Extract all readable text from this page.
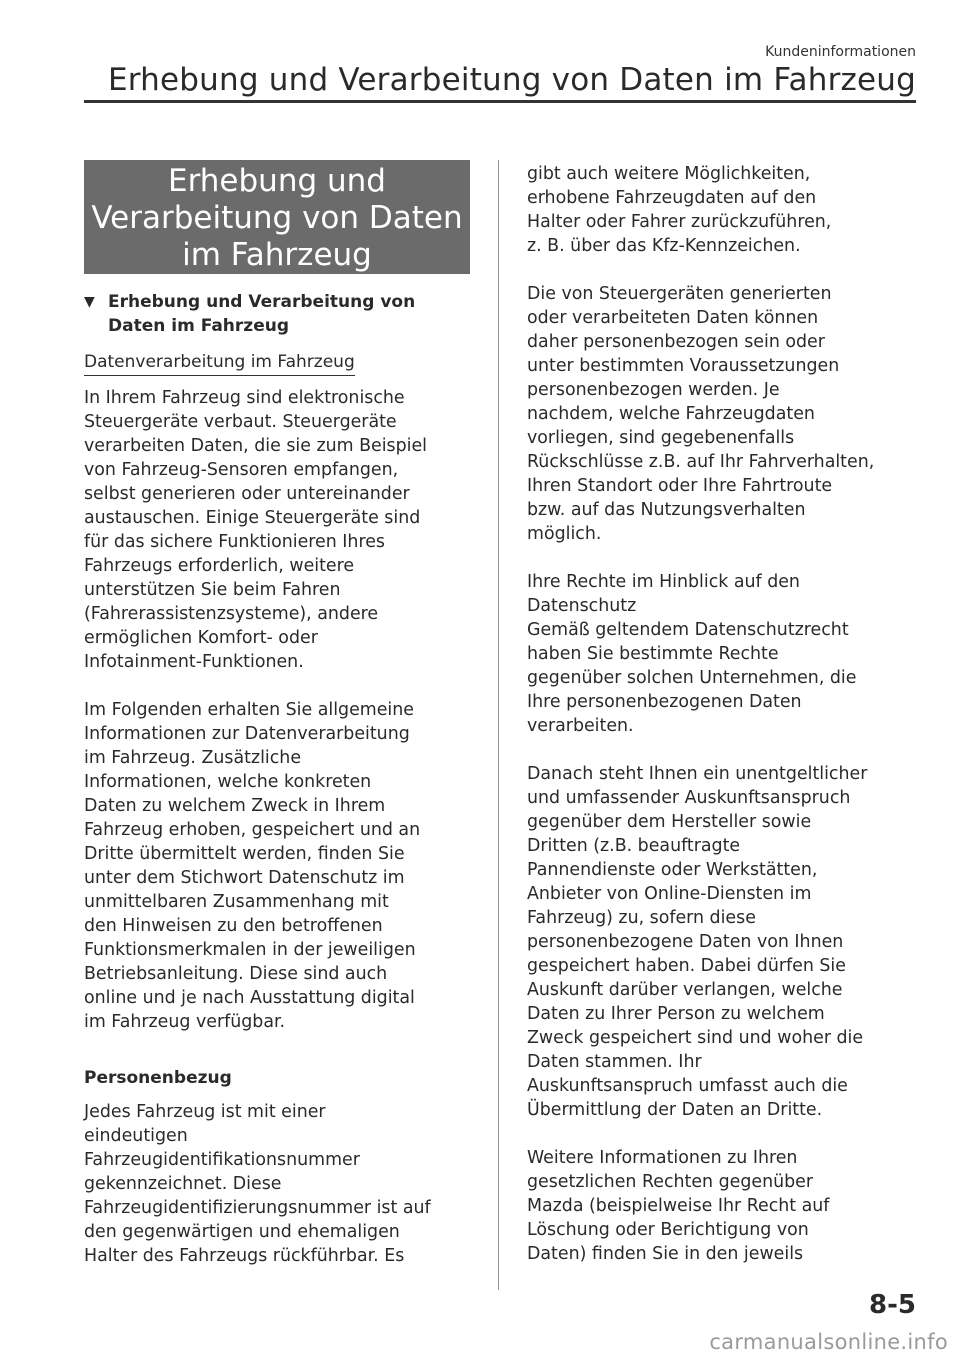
Kundeninformationen
Erhebung und Verarbeitung von Daten im Fahrzeug
Erhebung und
Verarbeitung von Daten
im Fahrzeug
▼ Erhebung und Verarbeitung von
Daten im Fahrzeug
Datenverarbeitung im Fahrzeug
In Ihrem Fahrzeug sind elektronische
Steuergeräte verbaut. Steuergeräte
verarbeiten Daten, die sie zum Beispiel
von Fahrzeug-Sensoren empfangen,
selbst generieren oder untereinander
austauschen. Einige Steuergeräte sind
für das sichere Funktionieren Ihres
Fahrzeugs erforderlich, weitere
unterstützen Sie beim Fahren
(Fahrerassistenzsysteme), andere
ermöglichen Komfort- oder
Infotainment-Funktionen.
Im Folgenden erhalten Sie allgemeine
Informationen zur Datenverarbeitung
im Fahrzeug. Zusätzliche
Informationen, welche konkreten
Daten zu welchem Zweck in Ihrem
Fahrzeug erhoben, gespeichert und an
Dritte übermittelt werden, finden Sie
unter dem Stichwort Datenschutz im
unmittelbaren Zusammenhang mit
den Hinweisen zu den betroffenen
Funktionsmerkmalen in der jeweiligen
Betriebsanleitung. Diese sind auch
online und je nach Ausstattung digital
im Fahrzeug verfügbar.
Personenbezug
Jedes Fahrzeug ist mit einer
eindeutigen
Fahrzeugidentifikationsnummer
gekennzeichnet. Diese
Fahrzeugidentifizierungsnummer ist auf
den gegenwärtigen und ehemaligen
Halter des Fahrzeugs rückführbar. Es
gibt auch weitere Möglichkeiten,
erhobene Fahrzeugdaten auf den
Halter oder Fahrer zurückzuführen,
z. B. über das Kfz-Kennzeichen.
Die von Steuergeräten generierten
oder verarbeiteten Daten können
daher personenbezogen sein oder
unter bestimmten Voraussetzungen
personenbezogen werden. Je
nachdem, welche Fahrzeugdaten
vorliegen, sind gegebenenfalls
Rückschlüsse z.B. auf Ihr Fahrverhalten,
Ihren Standort oder Ihre Fahrtroute
bzw. auf das Nutzungsverhalten
möglich.
Ihre Rechte im Hinblick auf den
Datenschutz
Gemäß geltendem Datenschutzrecht
haben Sie bestimmte Rechte
gegenüber solchen Unternehmen, die
Ihre personenbezogenen Daten
verarbeiten.
Danach steht Ihnen ein unentgeltlicher
und umfassender Auskunftsanspruch
gegenüber dem Hersteller sowie
Dritten (z.B. beauftragte
Pannendienste oder Werkstätten,
Anbieter von Online-Diensten im
Fahrzeug) zu, sofern diese
personenbezogene Daten von Ihnen
gespeichert haben. Dabei dürfen Sie
Auskunft darüber verlangen, welche
Daten zu Ihrer Person zu welchem
Zweck gespeichert sind und woher die
Daten stammen. Ihr
Auskunftsanspruch umfasst auch die
Übermittlung der Daten an Dritte.
Weitere Informationen zu Ihren
gesetzlichen Rechten gegenüber
Mazda (beispielweise Ihr Recht auf
Löschung oder Berichtigung von
Daten) finden Sie in den jeweils
8-5
carmanualsonline.info
